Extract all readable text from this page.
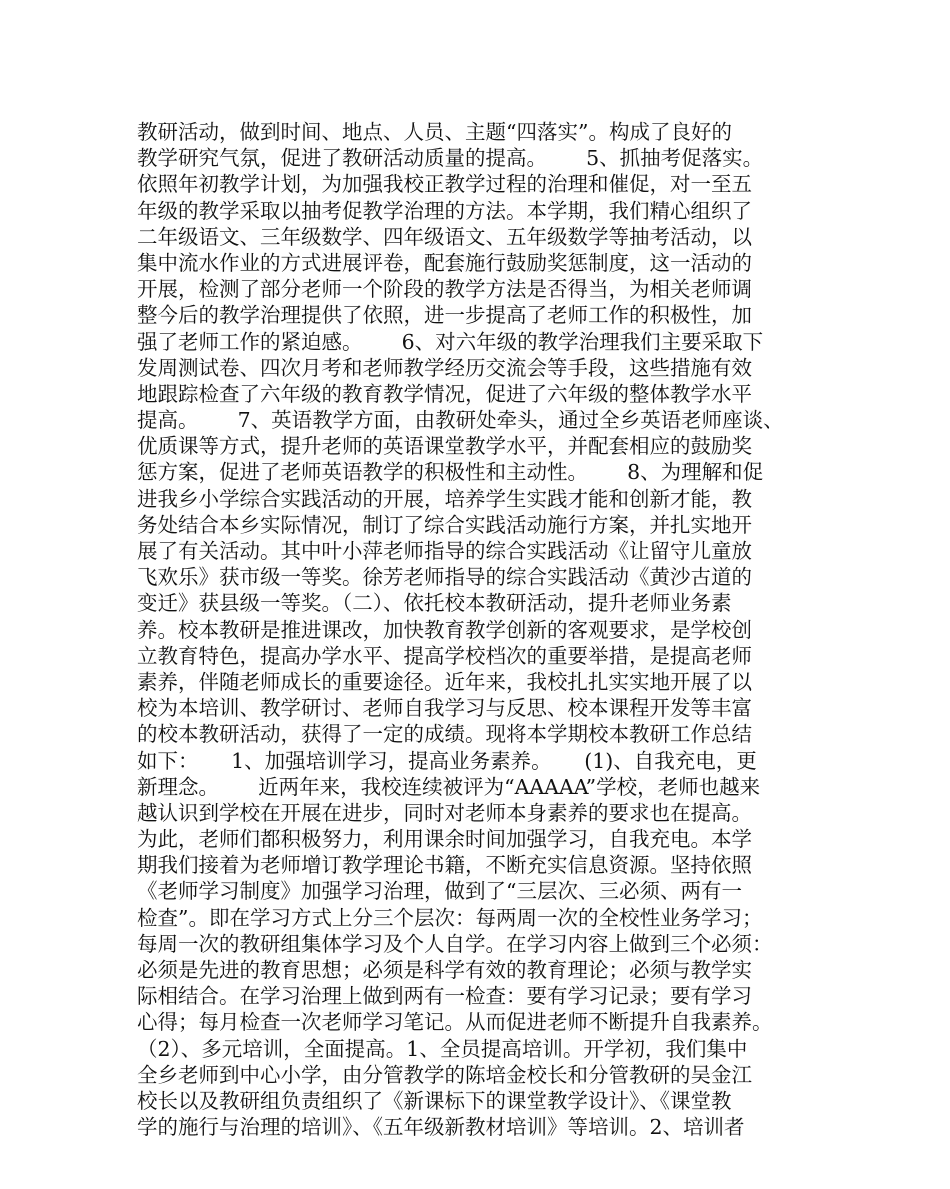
教研活动，做到时间、地点、人员、主题“四落实”。构成了良好的
教学研究气氛，促进了教研活动质量的提高。      5、抓抽考促落实。
依照年初教学计划，为加强我校正教学过程的治理和催促，对一至五
年级的教学采取以抽考促教学治理的方法。本学期，我们精心组织了
二年级语文、三年级数学、四年级语文、五年级数学等抽考活动，以
集中流水作业的方式进展评卷，配套施行鼓励奖惩制度，这一活动的
开展，检测了部分老师一个阶段的教学方法是否得当，为相关老师调
整今后的教学治理提供了依照，进一步提高了老师工作的积极性，加
强了老师工作的紧迫感。      6、对六年级的教学治理我们主要采取下
发周测试卷、四次月考和老师教学经历交流会等手段，这些措施有效
地跟踪检查了六年级的教育教学情况，促进了六年级的整体教学水平
提高。      7、英语教学方面，由教研处牵头，通过全乡英语老师座谈、
优质课等方式，提升老师的英语课堂教学水平，并配套相应的鼓励奖
惩方案，促进了老师英语教学的积极性和主动性。      8、为理解和促
进我乡小学综合实践活动的开展，培养学生实践才能和创新才能，教
务处结合本乡实际情况，制订了综合实践活动施行方案，并扎实地开
展了有关活动。其中叶小萍老师指导的综合实践活动《让留守儿童放
飞欢乐》获市级一等奖。徐芳老师指导的综合实践活动《黄沙古道的
变迁》获县级一等奖。（二）、依托校本教研活动，提升老师业务素
养。校本教研是推进课改，加快教育教学创新的客观要求，是学校创
立教育特色，提高办学水平、提高学校档次的重要举措，是提高老师
素养，伴随老师成长的重要途径。近年来，我校扎扎实实地开展了以
校为本培训、教学研讨、老师自我学习与反思、校本课程开发等丰富
的校本教研活动，获得了一定的成绩。现将本学期校本教研工作总结
如下：     1、加强培训学习，提高业务素养。     (1)、自我充电，更
新理念。      近两年来，我校连续被评为“AAAAA”学校，老师也越来
越认识到学校在开展在进步，同时对老师本身素养的要求也在提高。
为此，老师们都积极努力，利用课余时间加强学习，自我充电。本学
期我们接着为老师增订教学理论书籍，不断充实信息资源。坚持依照
《老师学习制度》加强学习治理，做到了“三层次、三必须、两有一
检查”。即在学习方式上分三个层次：每两周一次的全校性业务学习；
每周一次的教研组集体学习及个人自学。在学习内容上做到三个必须：
必须是先进的教育思想；必须是科学有效的教育理论；必须与教学实
际相结合。在学习治理上做到两有一检查：要有学习记录；要有学习
心得；每月检查一次老师学习笔记。从而促进老师不断提升自我素养。
（2）、多元培训，全面提高。1、全员提高培训。开学初，我们集中
全乡老师到中心小学，由分管教学的陈培金校长和分管教研的吴金江
校长以及教研组负责组织了《新课标下的课堂教学设计》、《课堂教
学的施行与治理的培训》、《五年级新教材培训》等培训。2、培训者
